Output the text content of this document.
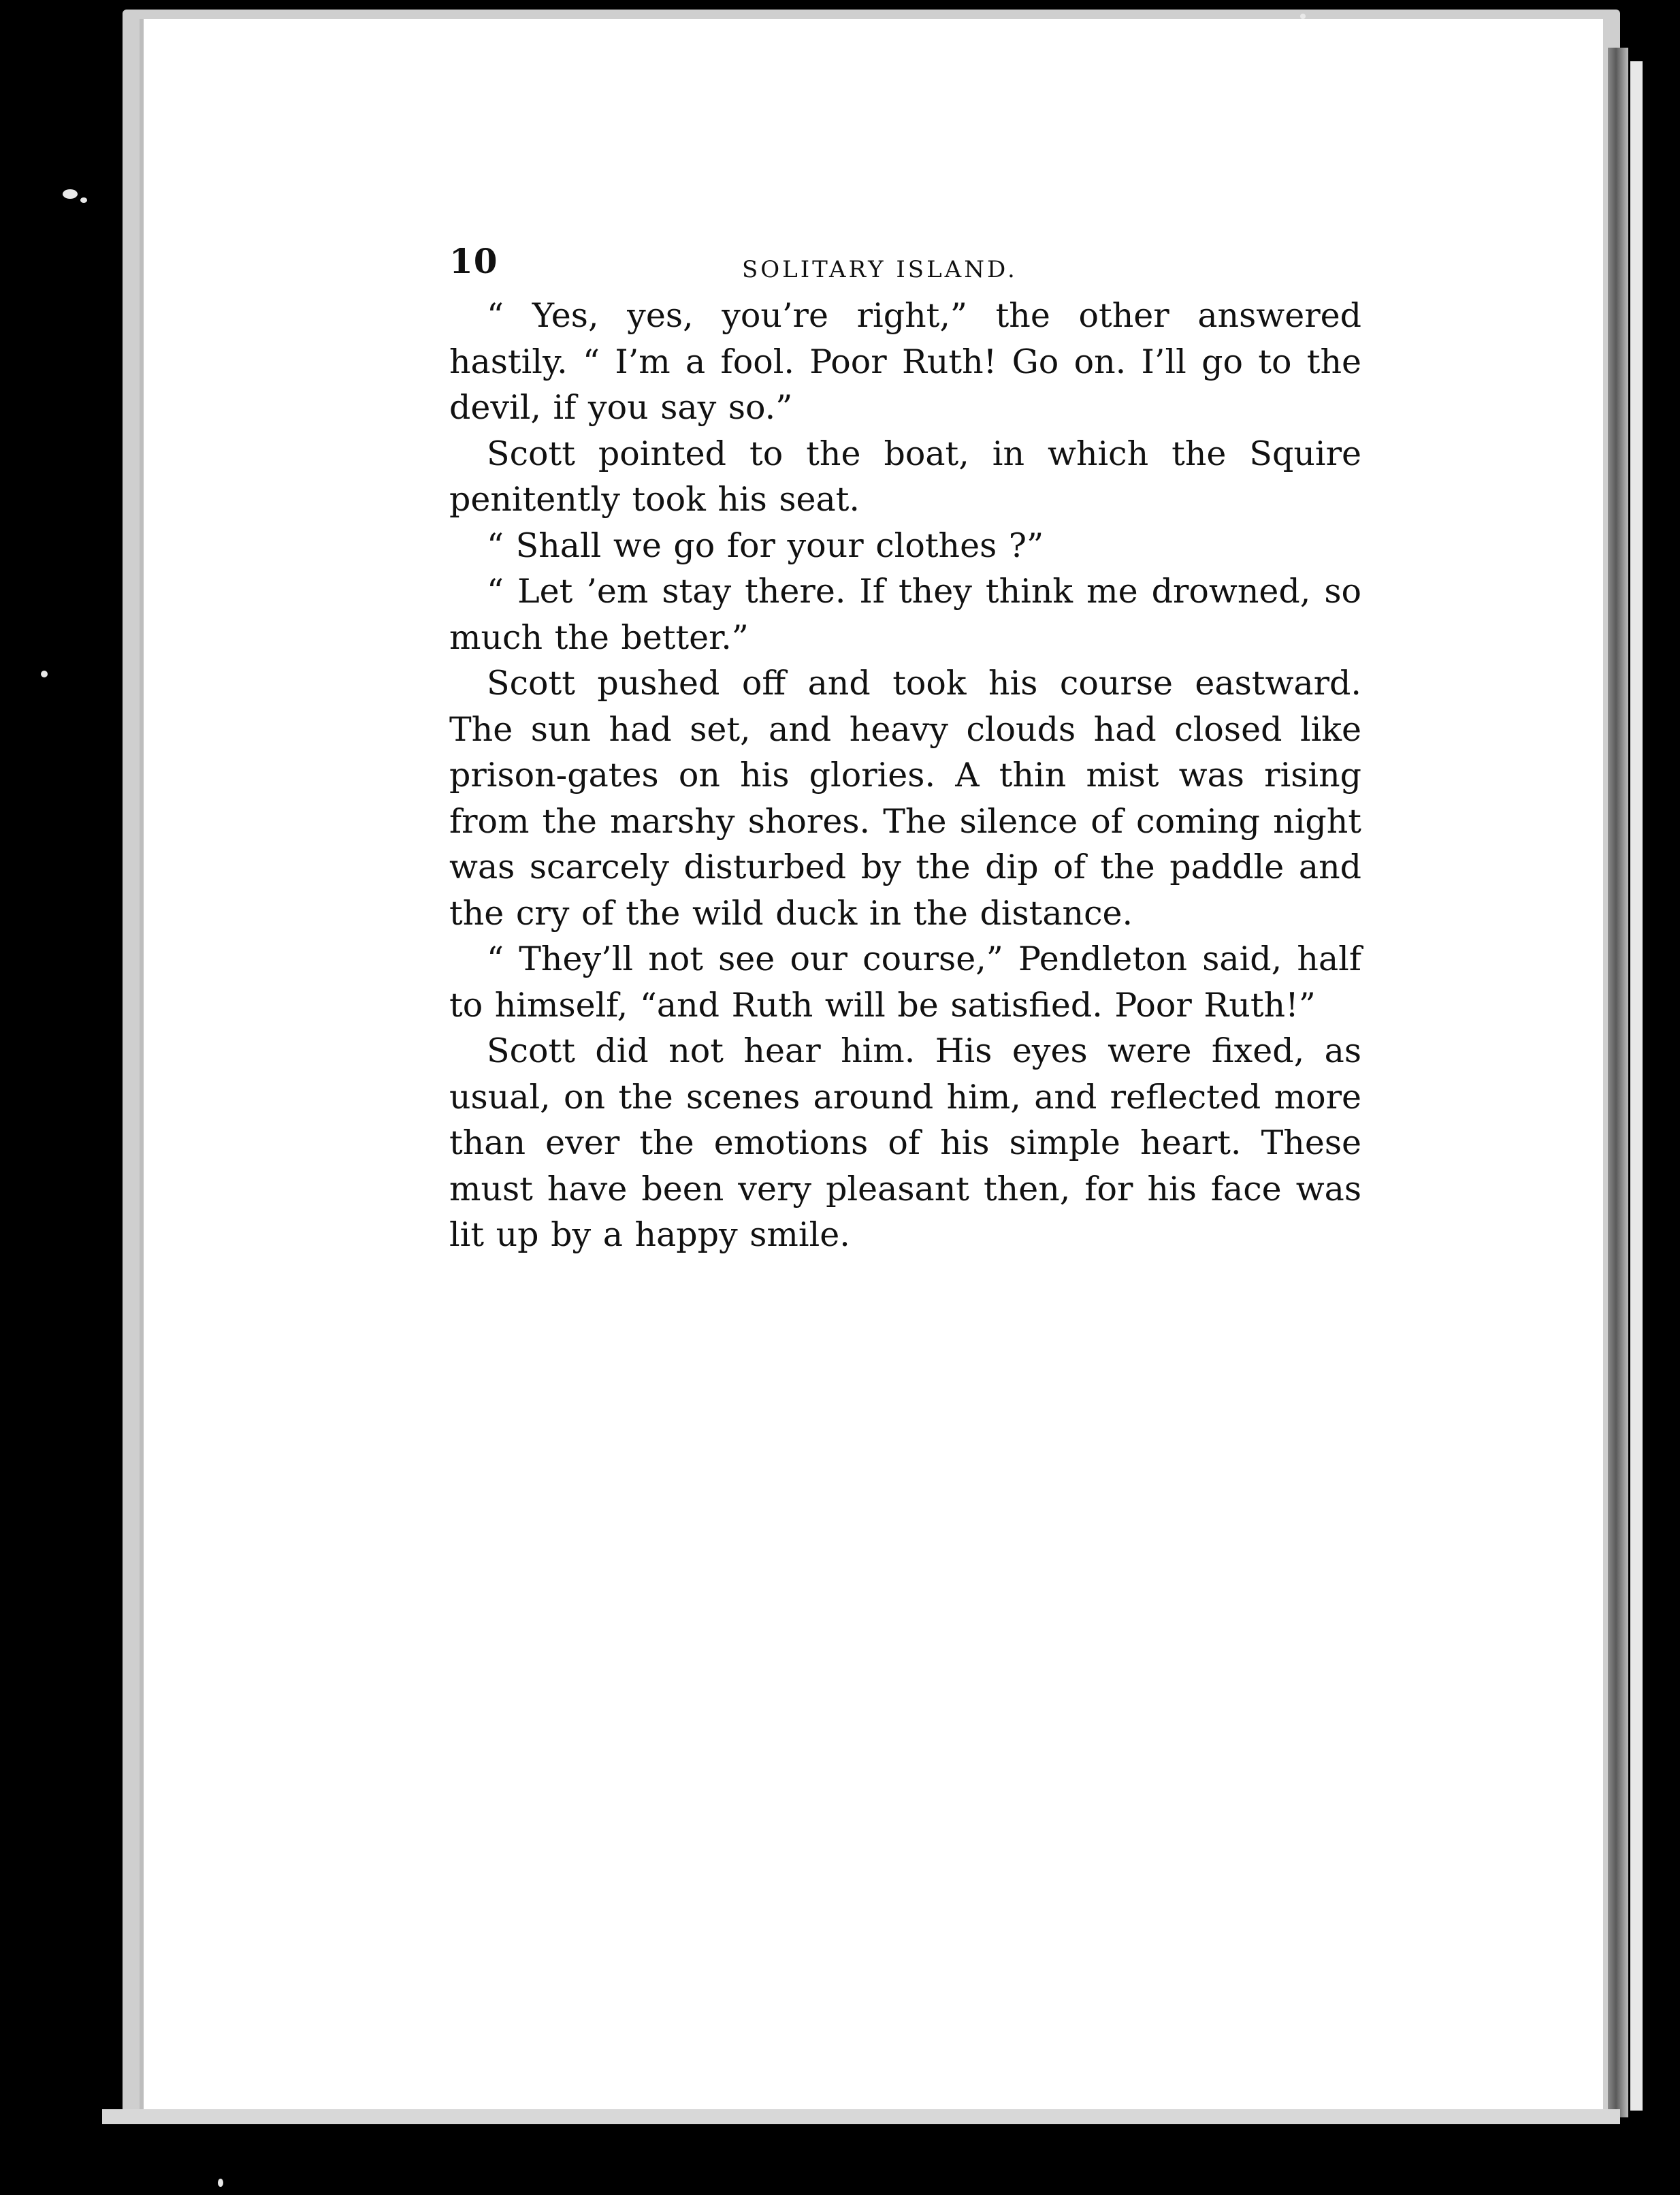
10	SOLITARY ISLAND.

“ Yes, yes, you’re right,” the other answered hastily. “ I’m a fool. Poor Ruth! Go on. I’ll go to the devil, if you say so.”

Scott pointed to the boat, in which the Squire penitently took his seat.

“ Shall we go for your clothes ?”

“ Let ’em stay there. If they think me drowned, so much the better.”

Scott pushed off and took his course eastward. The sun had set, and heavy clouds had closed like prison-gates on his glories. A thin mist was rising from the marshy shores. The silence of coming night was scarcely disturbed by the dip of the paddle and the cry of the wild duck in the distance.

“ They’ll not see our course,” Pendleton said, half to himself, “and Ruth will be satisfied. Poor Ruth!”

Scott did not hear him. His eyes were fixed, as usual, on the scenes around him, and reflected more than ever the emotions of his simple heart. These must have been very pleasant then, for his face was lit up by a happy smile.
